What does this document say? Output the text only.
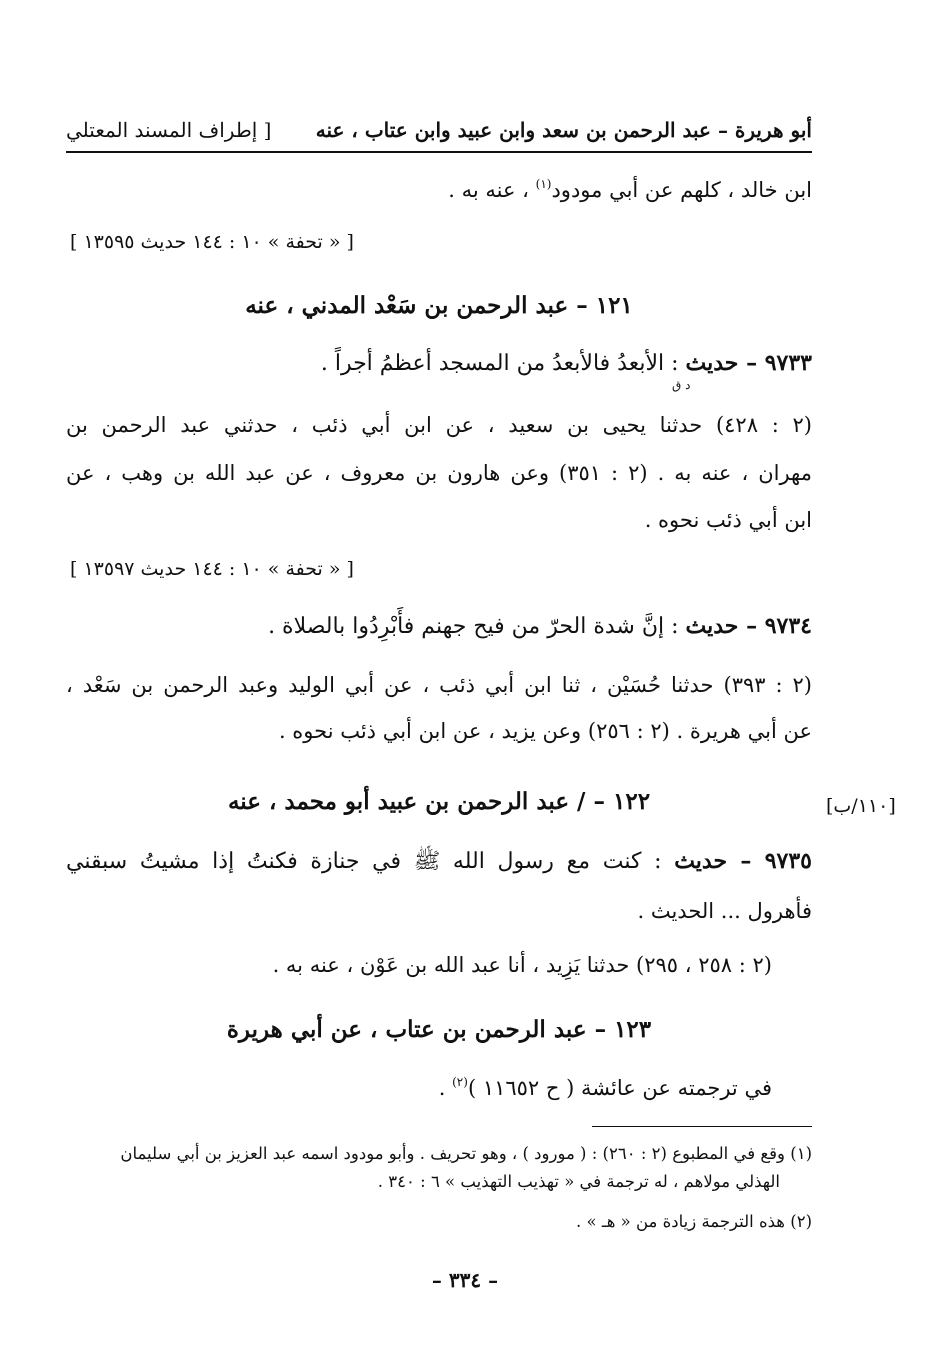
أبو هريرة – عبد الرحمن بن سعد وابن عبيد وابن عتاب ، عنه
[ إطراف المسند المعتلي
ابن خالد ، كلهم عن أبي مودود$^{(١)}$ ، عنه به .
[ « تحفة » ١٠ : ١٤٤ حديث ١٣٥٩٥ ]
١٢١ – عبد الرحمن بن سَعْد المدني ، عنه
٩٧٣٣ – حديث : الأبعدُ فالأبعدُ من المسجد أعظمُ أجراً .
د ق
(٢ : ٤٢٨) حدثنا يحيى بن سعيد ، عن ابن أبي ذئب ، حدثني عبد الرحمن بن
مهران ، عنه به . (٢ : ٣٥١) وعن هارون بن معروف ، عن عبد الله بن وهب ، عن
ابن أبي ذئب نحوه .
[ « تحفة » ١٠ : ١٤٤ حديث ١٣٥٩٧ ]
٩٧٣٤ – حديث : إنَّ شدة الحرّ من فيح جهنم فأَبْرِدُوا بالصلاة .
(٢ : ٣٩٣) حدثنا حُسَيْن ، ثنا ابن أبي ذئب ، عن أبي الوليد وعبد الرحمن بن سَعْد ،
عن أبي هريرة . (٢ : ٢٥٦) وعن يزيد ، عن ابن أبي ذئب نحوه .
١٢٢ – / عبد الرحمن بن عبيد أبو محمد ، عنه	[١١٠/ب]
٩٧٣٥ – حديث : كنت مع رسول الله ﷺ في جنازة فكنتُ إذا مشيتُ سبقني
فأهرول ... الحديث .
(٢ : ٢٥٨ ، ٢٩٥) حدثنا يَزِيد ، أنا عبد الله بن عَوْن ، عنه به .
١٢٣ – عبد الرحمن بن عتاب ، عن أبي هريرة
في ترجمته عن عائشة ( ح ١١٦٥٢ )$^{(٢)}$ .
(١) وقع في المطبوع (٢ : ٢٦٠) : ( مورود ) ، وهو تحريف . وأبو مودود اسمه عبد العزيز بن أبي سليمان
الهذلي مولاهم ، له ترجمة في « تهذيب التهذيب » ٦ : ٣٤٠ .
(٢) هذه الترجمة زيادة من « هـ » .
– ٣٣٤ –
